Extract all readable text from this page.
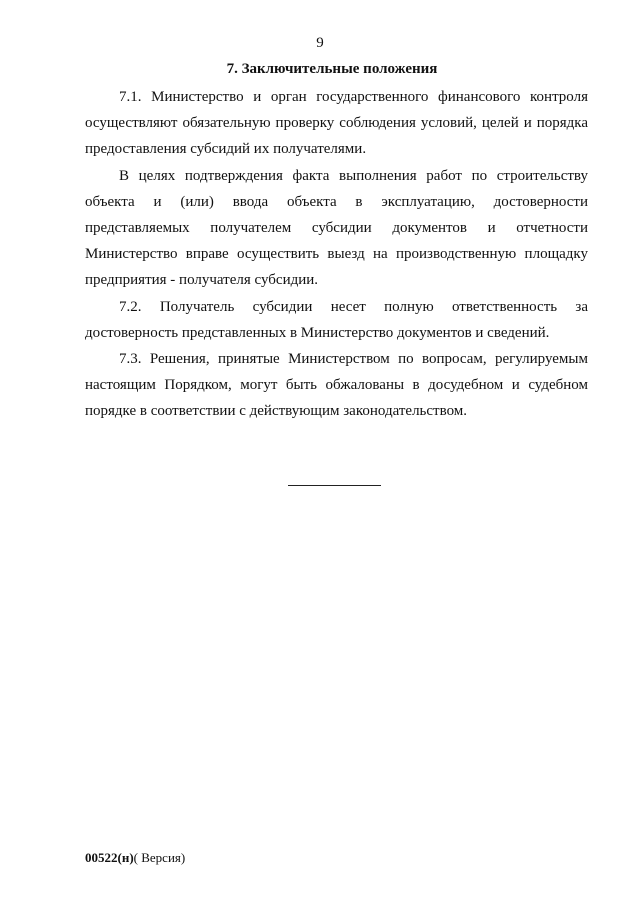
9
7. Заключительные положения

7.1. Министерство и орган государственного финансового контроля осуществляют обязательную проверку соблюдения условий, целей и порядка предоставления субсидий их получателями.

В целях подтверждения факта выполнения работ по строительству объекта и (или) ввода объекта в эксплуатацию, достоверности представляемых получателем субсидии документов и отчетности Министерство вправе осуществить выезд на производственную площадку предприятия - получателя субсидии.

7.2. Получатель субсидии несет полную ответственность за достоверность представленных в Министерство документов и сведений.

7.3. Решения, принятые Министерством по вопросам, регулируемым настоящим Порядком, могут быть обжалованы в досудебном и судебном порядке в соответствии с действующим законодательством.

00522(н)( Версия)
